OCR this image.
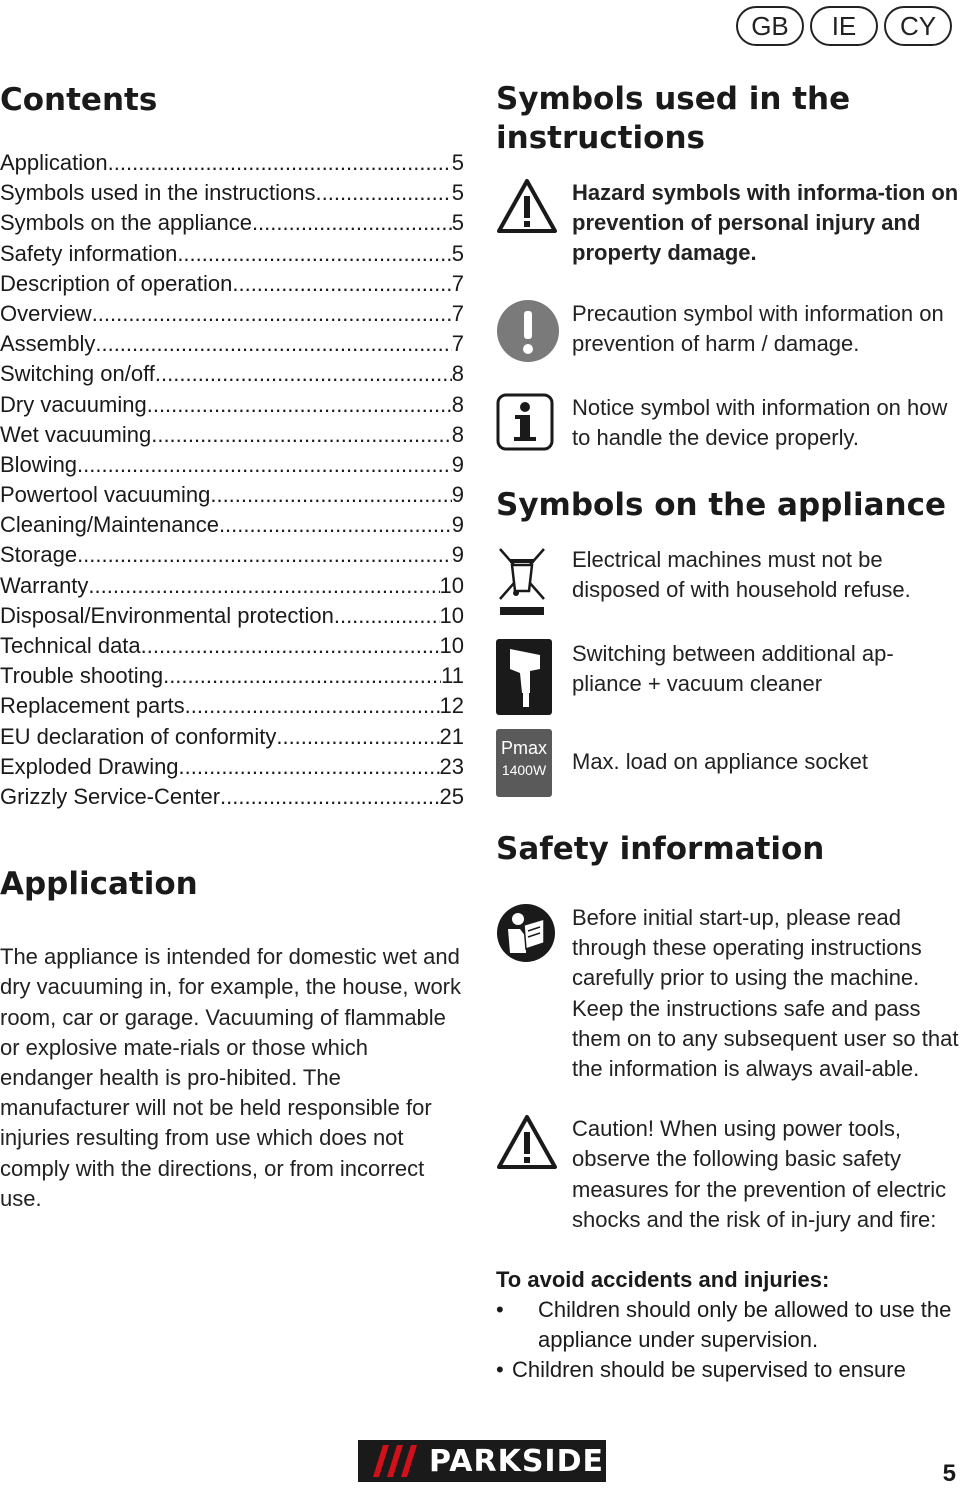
GB	IE	CY
Contents
Application .....	5
Symbols used in the instructions .....	5
Symbols on the appliance .....	5
Safety information .....	5
Description of operation .....	7
Overview .....	7
Assembly .....	7
Switching on/off .....	8
Dry vacuuming .....	8
Wet vacuuming .....	8
Blowing .....	9
Powertool vacuuming .....	9
Cleaning/Maintenance .....	9
Storage .....	9
Warranty .....	10
Disposal/Environmental protection .....	10
Technical data .....	10
Trouble shooting .....	11
Replacement parts .....	12
EU declaration of conformity .....	21
Exploded Drawing .....	23
Grizzly Service-Center .....	25
Application

The appliance is intended for domestic wet and dry vacuuming in, for example, the house, work room, car or garage. Vacuuming of flammable or explosive mate-rials or those which endanger health is pro-hibited. The manufacturer will not be held responsible for injuries resulting from use which does not comply with the directions, or from incorrect use.

Symbols used in the instructions
Hazard symbols with informa-tion on prevention of personal injury and property damage.
Precaution symbol with information on prevention of harm / damage.
Notice symbol with information on how to handle the device properly.
Symbols on the appliance
Electrical machines must not be disposed of with household refuse.
Switching between additional ap-pliance + vacuum cleaner
Pmax
1400W Max. load on appliance socket
Safety information
Before initial start-up, please read through these operating instructions carefully prior to using the machine. Keep the instructions safe and pass them on to any subsequent user so that the information is always avail-able.
Caution! When using power tools, observe the following basic safety measures for the prevention of electric shocks and the risk of in-jury and fire:
To avoid accidents and injuries:
• Children should only be allowed to use the appliance under supervision.
• Children should be supervised to ensure
PARKSIDE	5
